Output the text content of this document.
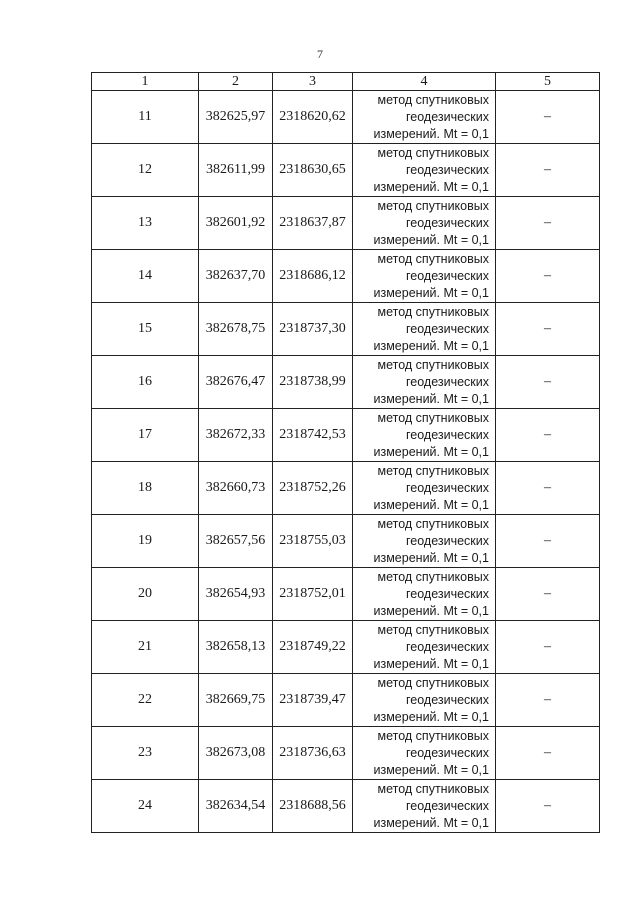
7
1	2	3	4	5
11	382625,97	2318620,62	метод спутниковых
геодезических
измерений. Mt = 0,1	–
12	382611,99	2318630,65	метод спутниковых
геодезических
измерений. Mt = 0,1	–
13	382601,92	2318637,87	метод спутниковых
геодезических
измерений. Mt = 0,1	–
14	382637,70	2318686,12	метод спутниковых
геодезических
измерений. Mt = 0,1	–
15	382678,75	2318737,30	метод спутниковых
геодезических
измерений. Mt = 0,1	–
16	382676,47	2318738,99	метод спутниковых
геодезических
измерений. Mt = 0,1	–
17	382672,33	2318742,53	метод спутниковых
геодезических
измерений. Mt = 0,1	–
18	382660,73	2318752,26	метод спутниковых
геодезических
измерений. Mt = 0,1	–
19	382657,56	2318755,03	метод спутниковых
геодезических
измерений. Mt = 0,1	–
20	382654,93	2318752,01	метод спутниковых
геодезических
измерений. Mt = 0,1	–
21	382658,13	2318749,22	метод спутниковых
геодезических
измерений. Mt = 0,1	–
22	382669,75	2318739,47	метод спутниковых
геодезических
измерений. Mt = 0,1	–
23	382673,08	2318736,63	метод спутниковых
геодезических
измерений. Mt = 0,1	–
24	382634,54	2318688,56	метод спутниковых
геодезических
измерений. Mt = 0,1	–
